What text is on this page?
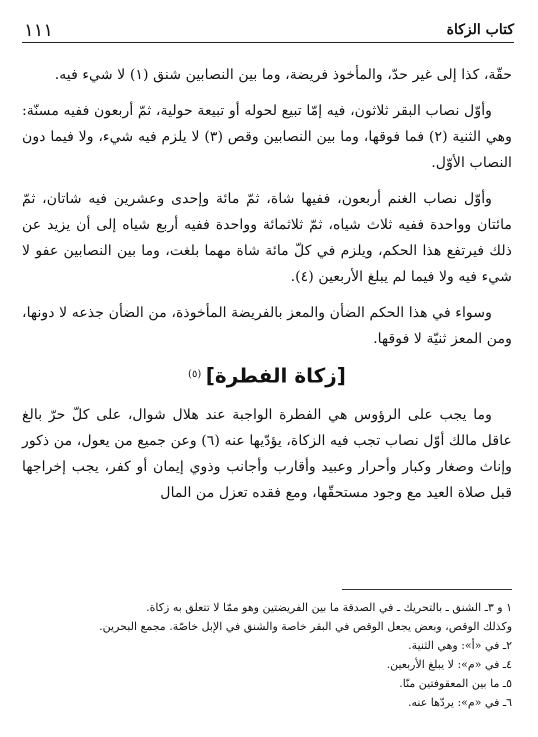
كتاب الزكاة
١١١

حقّة، كذا إلى غير حدّ، والمأخوذ فريضة، وما بين النصابين شنق (١) لا شيء فيه.

وأوّل نصاب البقر ثلاثون، فيه إمّا تبيع لحوله أو تبيعة حولية، ثمّ أربعون ففيه مسنّة: وهي الثنية (٢) فما فوقها، وما بين النصابين وقص (٣) لا يلزم فيه شيء، ولا فيما دون النصاب الأوّل.

وأوّل نصاب الغنم أربعون، ففيها شاة، ثمّ مائة وإحدى وعشرين فيه شاتان، ثمّ مائتان وواحدة ففيه ثلاث شياه، ثمّ ثلاثمائة وواحدة ففيه أربع شياه إلى أن يزيد عن ذلك فيرتفع هذا الحكم، ويلزم في كلّ مائة شاة مهما بلغت، وما بين النصابين عفو لا شيء فيه ولا فيما لم يبلغ الأربعين (٤).

وسواء في هذا الحكم الضأن والمعز بالفريضة المأخوذة، من الضأن جذعه لا دونها، ومن المعز ثنيّة لا فوقها.

[زكاة الفطرة] $^{(٥)}$

وما يجب على الرؤوس هي الفطرة الواجبة عند هلال شوال، على كلّ حرّ بالغ عاقل مالك أوّل نصاب تجب فيه الزكاة، يؤدّيها عنه (٦) وعن جميع من يعول، من ذكور وإناث وصغار وكبار وأحرار وعبيد وأقارب وأجانب وذوي إيمان أو كفر، يجب إخراجها قبل صلاة العيد مع وجود مستحقّها، ومع فقده تعزل من المال

١ و ٣ـ الشنق ـ بالتحريك ـ في الصدقة ما بين الفريضتين وهو ممّا لا تتعلق به زكاة.
وكذلك الوقص، وبعض يجعل الوقص في البقر خاصة والشنق في الإبل خاصّة. مجمع البحرين.
٢ـ في «أ»: وهي الثنية.
٤ـ في «م»: لا يبلغ الأربعين.
٥ـ ما بين المعقوفتين منّا.
٦ـ في «م»: يردّها عنه.
